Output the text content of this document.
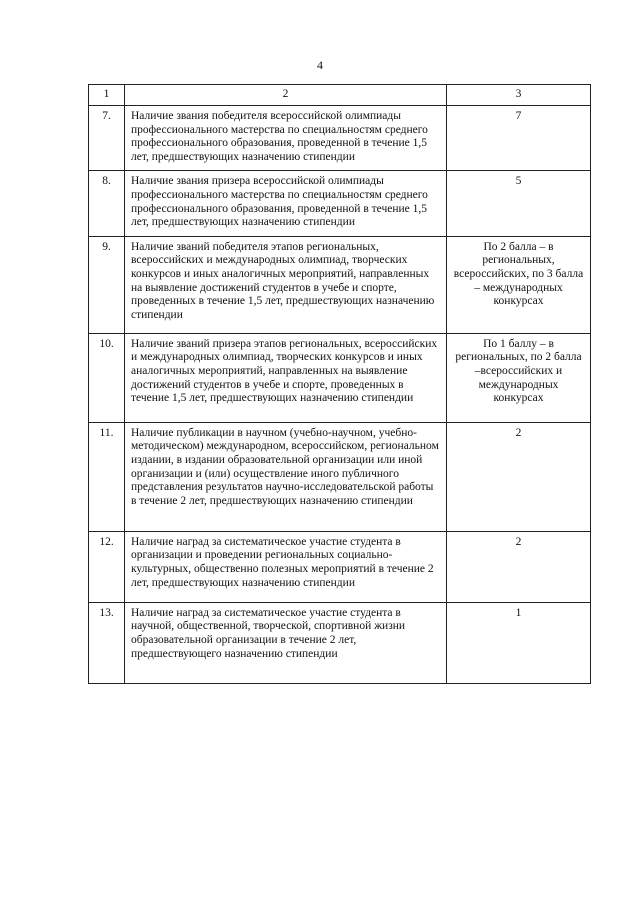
4
1	2	3
7.	Наличие звания победителя всероссийской олимпиады профессионального мастерства по специальностям среднего профессионального образования, проведенной в течение 1,5 лет, предшествующих назначению стипендии	7
8.	Наличие звания призера всероссийской олимпиады профессионального мастерства по специальностям среднего профессионального образования, проведенной в течение 1,5 лет, предшествующих назначению стипендии	5
9.	Наличие званий победителя этапов региональных, всероссийских и международных олимпиад, творческих конкурсов и иных аналогичных мероприятий, направленных на выявление достижений студентов в учебе и спорте, проведенных в течение 1,5 лет, предшествующих назначению стипендии	По 2 балла – в региональных, всероссийских, по 3 балла – международных конкурсах
10.	Наличие званий призера этапов региональных, всероссийских и международных олимпиад, творческих конкурсов и иных аналогичных мероприятий, направленных на выявление достижений студентов в учебе и спорте, проведенных в течение 1,5 лет, предшествующих назначению стипендии	По 1 баллу – в региональных, по 2 балла –всероссийских и международных конкурсах
11.	Наличие публикации в научном (учебно-научном, учебно-методическом) международном, всероссийском, региональном издании, в издании образовательной организации или иной организации и (или) осуществление иного публичного представления результатов научно-исследовательской работы в течение 2 лет, предшествующих назначению стипендии	2
12.	Наличие наград за систематическое участие студента в организации и проведении региональных социально-культурных, общественно полезных мероприятий в течение 2 лет, предшествующих назначению стипендии	2
13.	Наличие наград за систематическое участие студента в научной, общественной, творческой, спортивной жизни образовательной организации в течение 2 лет, предшествующего назначению стипендии	1
